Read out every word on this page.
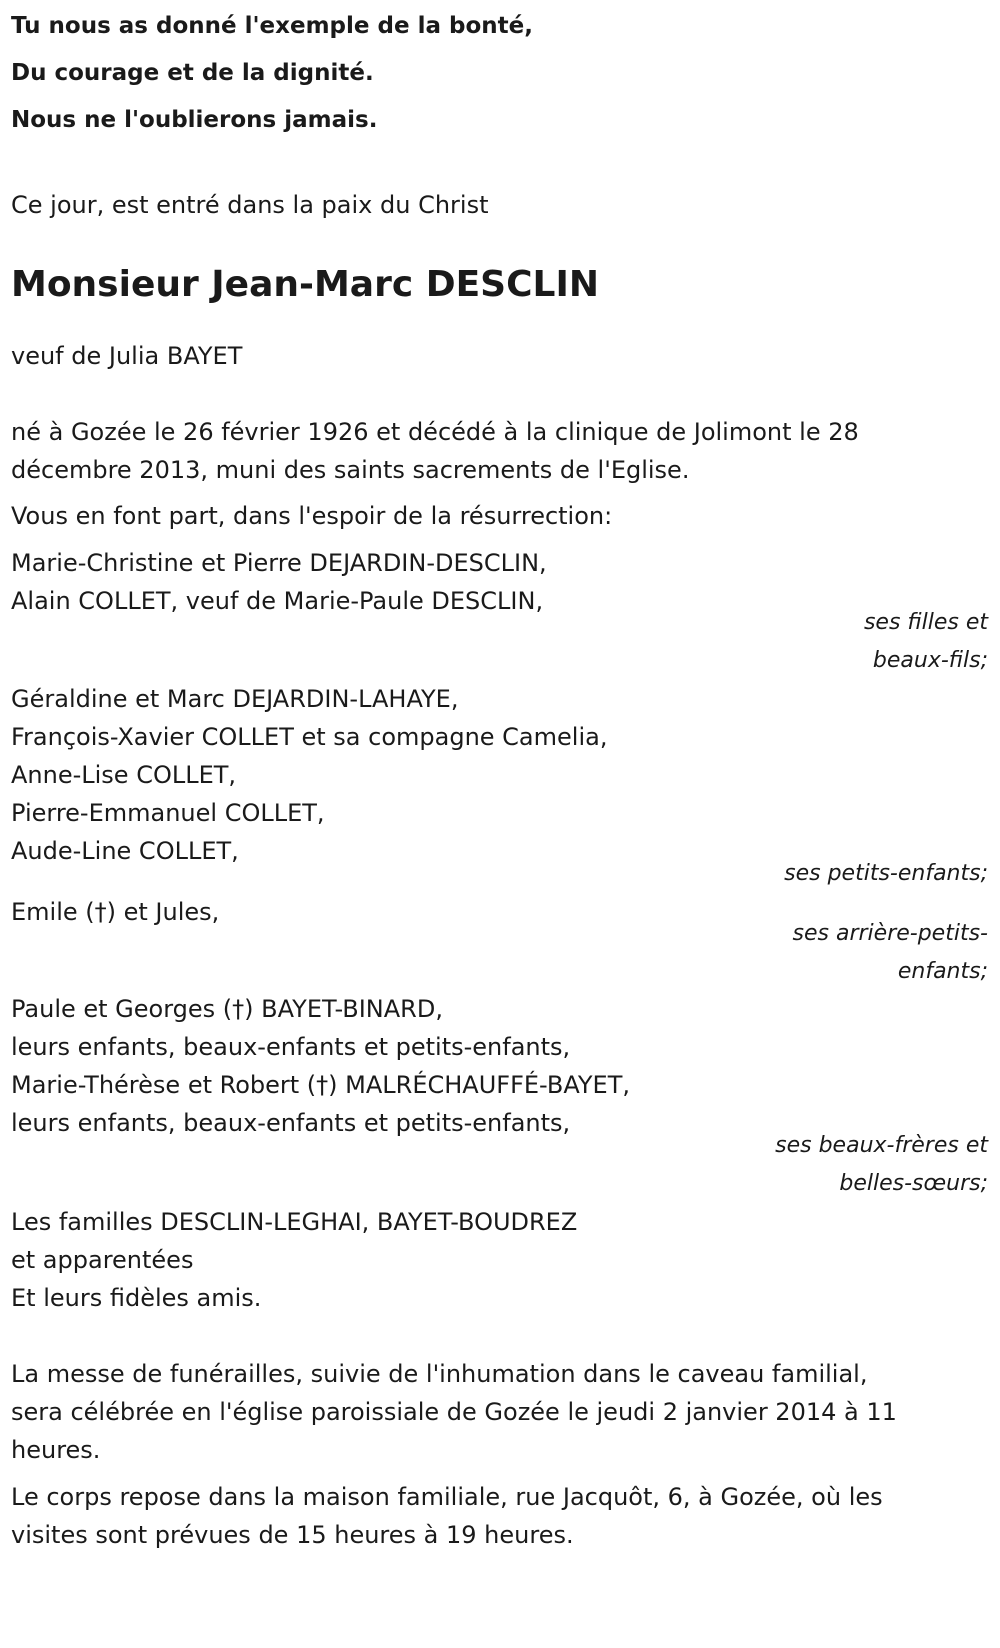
Tu nous as donné l'exemple de la bonté,
Du courage et de la dignité.
Nous ne l'oublierons jamais.

Ce jour, est entré dans la paix du Christ

Monsieur Jean-Marc DESCLIN

veuf de Julia BAYET

né à Gozée le 26 février 1926 et décédé à la clinique de Jolimont le 28
décembre 2013, muni des saints sacrements de l'Eglise.

Vous en font part, dans l'espoir de la résurrection:

Marie-Christine et Pierre DEJARDIN-DESCLIN,
Alain COLLET, veuf de Marie-Paule DESCLIN,

ses filles et
beaux-fils;

Géraldine et Marc DEJARDIN-LAHAYE,
François-Xavier COLLET et sa compagne Camelia,
Anne-Lise COLLET,
Pierre-Emmanuel COLLET,
Aude-Line COLLET,

ses petits-enfants;

Emile (†) et Jules,

ses arrière-petits-
enfants;

Paule et Georges (†) BAYET-BINARD,
leurs enfants, beaux-enfants et petits-enfants,
Marie-Thérèse et Robert (†) MALRÉCHAUFFÉ-BAYET,
leurs enfants, beaux-enfants et petits-enfants,

ses beaux-frères et
belles-sœurs;

Les familles DESCLIN-LEGHAI, BAYET-BOUDREZ
et apparentées
Et leurs fidèles amis.

La messe de funérailles, suivie de l'inhumation dans le caveau familial,
sera célébrée en l'église paroissiale de Gozée le jeudi 2 janvier 2014 à 11
heures.

Le corps repose dans la maison familiale, rue Jacquôt, 6, à Gozée, où les
visites sont prévues de 15 heures à 19 heures.
